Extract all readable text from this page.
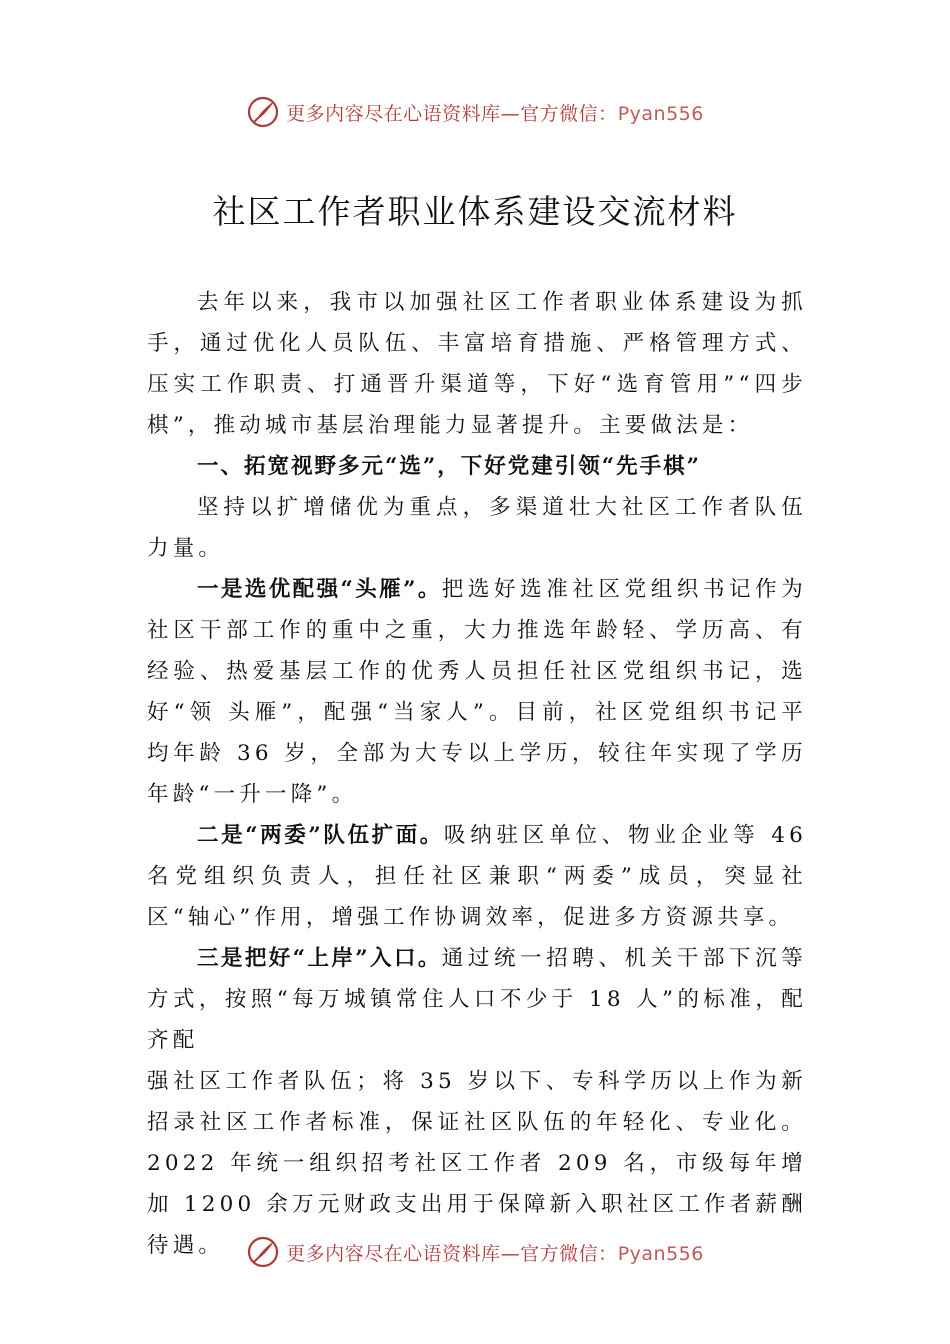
更多内容尽在心语资料库—官方微信：Pyan556
社区工作者职业体系建设交流材料

去年以来，我市以加强社区工作者职业体系建设为抓手，通过优化人员队伍、丰富培育措施、严格管理方式、压实工作职责、打通晋升渠道等，下好“选育管用”“四步棋”，推动城市基层治理能力显著提升。主要做法是：

一、拓宽视野多元“选”，下好党建引领“先手棋”

坚持以扩增储优为重点，多渠道壮大社区工作者队伍力量。

一是选优配强“头雁”。把选好选准社区党组织书记作为社区干部工作的重中之重，大力推选年龄轻、学历高、有经验、热爱基层工作的优秀人员担任社区党组织书记，选好“领 头雁”，配强“当家人”。目前，社区党组织书记平均年龄 36 岁，全部为大专以上学历，较往年实现了学历年龄“一升一降”。

二是“两委”队伍扩面。吸纳驻区单位、物业企业等 46 名党组织负责人，担任社区兼职“两委”成员，突显社区“轴心”作用，增强工作协调效率，促进多方资源共享。

三是把好“上岸”入口。通过统一招聘、机关干部下沉等方式，按照“每万城镇常住人口不少于 18 人”的标准，配齐配

强社区工作者队伍；将 35 岁以下、专科学历以上作为新招录社区工作者标准，保证社区队伍的年轻化、专业化。2022 年统一组织招考社区工作者 209 名，市级每年增加 1200 余万元财政支出用于保障新入职社区工作者薪酬待遇。	更多内容尽在心语资料库—官方微信：Pyan556
